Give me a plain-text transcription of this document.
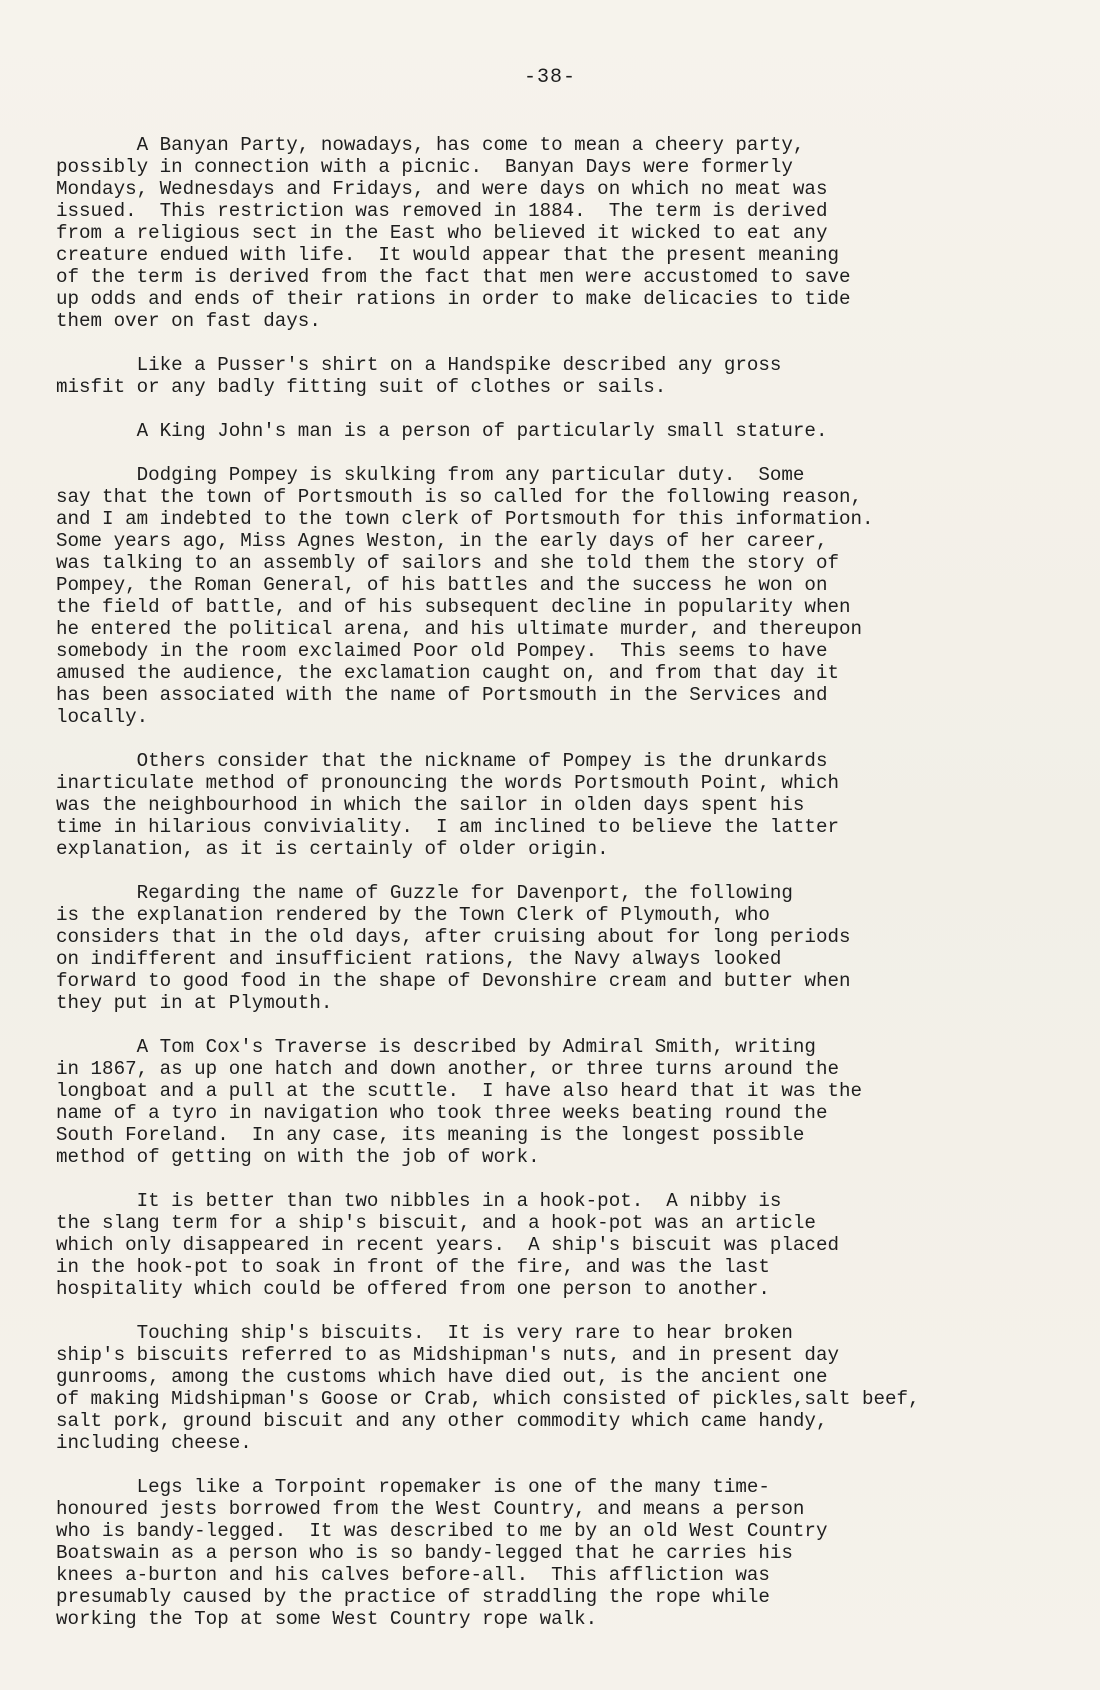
-38-
A Banyan Party, nowadays, has come to mean a cheery party,
possibly in connection with a picnic.  Banyan Days were formerly
Mondays, Wednesdays and Fridays, and were days on which no meat was
issued.  This restriction was removed in 1884.  The term is derived
from a religious sect in the East who believed it wicked to eat any
creature endued with life.  It would appear that the present meaning
of the term is derived from the fact that men were accustomed to save
up odds and ends of their rations in order to make delicacies to tide
them over on fast days.
Like a Pusser's shirt on a Handspike described any gross
misfit or any badly fitting suit of clothes or sails.
A King John's man is a person of particularly small stature.
Dodging Pompey is skulking from any particular duty.  Some
say that the town of Portsmouth is so called for the following reason,
and I am indebted to the town clerk of Portsmouth for this information.
Some years ago, Miss Agnes Weston, in the early days of her career,
was talking to an assembly of sailors and she told them the story of
Pompey, the Roman General, of his battles and the success he won on
the field of battle, and of his subsequent decline in popularity when
he entered the political arena, and his ultimate murder, and thereupon
somebody in the room exclaimed Poor old Pompey.  This seems to have
amused the audience, the exclamation caught on, and from that day it
has been associated with the name of Portsmouth in the Services and
locally.
Others consider that the nickname of Pompey is the drunkards
inarticulate method of pronouncing the words Portsmouth Point, which
was the neighbourhood in which the sailor in olden days spent his
time in hilarious conviviality.  I am inclined to believe the latter
explanation, as it is certainly of older origin.
Regarding the name of Guzzle for Davenport, the following
is the explanation rendered by the Town Clerk of Plymouth, who
considers that in the old days, after cruising about for long periods
on indifferent and insufficient rations, the Navy always looked
forward to good food in the shape of Devonshire cream and butter when
they put in at Plymouth.
A Tom Cox's Traverse is described by Admiral Smith, writing
in 1867, as up one hatch and down another, or three turns around the
longboat and a pull at the scuttle.  I have also heard that it was the
name of a tyro in navigation who took three weeks beating round the
South Foreland.  In any case, its meaning is the longest possible
method of getting on with the job of work.
It is better than two nibbles in a hook-pot.  A nibby is
the slang term for a ship's biscuit, and a hook-pot was an article
which only disappeared in recent years.  A ship's biscuit was placed
in the hook-pot to soak in front of the fire, and was the last
hospitality which could be offered from one person to another.
Touching ship's biscuits.  It is very rare to hear broken
ship's biscuits referred to as Midshipman's nuts, and in present day
gunrooms, among the customs which have died out, is the ancient one
of making Midshipman's Goose or Crab, which consisted of pickles,salt beef,
salt pork, ground biscuit and any other commodity which came handy,
including cheese.
Legs like a Torpoint ropemaker is one of the many time-
honoured jests borrowed from the West Country, and means a person
who is bandy-legged.  It was described to me by an old West Country
Boatswain as a person who is so bandy-legged that he carries his
knees a-burton and his calves before-all.  This affliction was
presumably caused by the practice of straddling the rope while
working the Top at some West Country rope walk.
